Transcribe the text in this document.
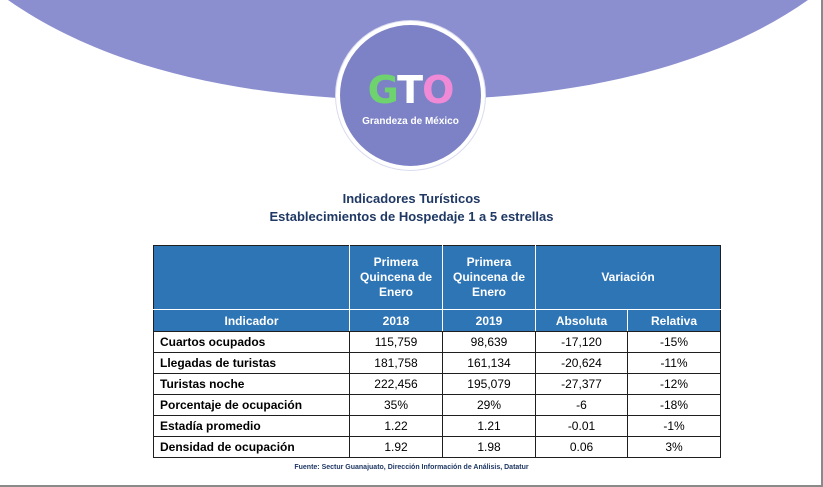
GTO
Grandeza de México
Indicadores Turísticos
Establecimientos de Hospedaje 1 a 5 estrellas
	Primera Quincena de Enero	Primera Quincena de Enero	Variación	
Indicador	2018	2019	Absoluta	Relativa
Cuartos ocupados	115,759	98,639	-17,120	-15%
Llegadas de turistas	181,758	161,134	-20,624	-11%
Turistas noche	222,456	195,079	-27,377	-12%
Porcentaje de ocupación	35%	29%	-6	-18%
Estadía promedio	1.22	1.21	-0.01	-1%
Densidad de ocupación	1.92	1.98	0.06	3%
Fuente: Sectur Guanajuato, Dirección Información de Análisis, Datatur
